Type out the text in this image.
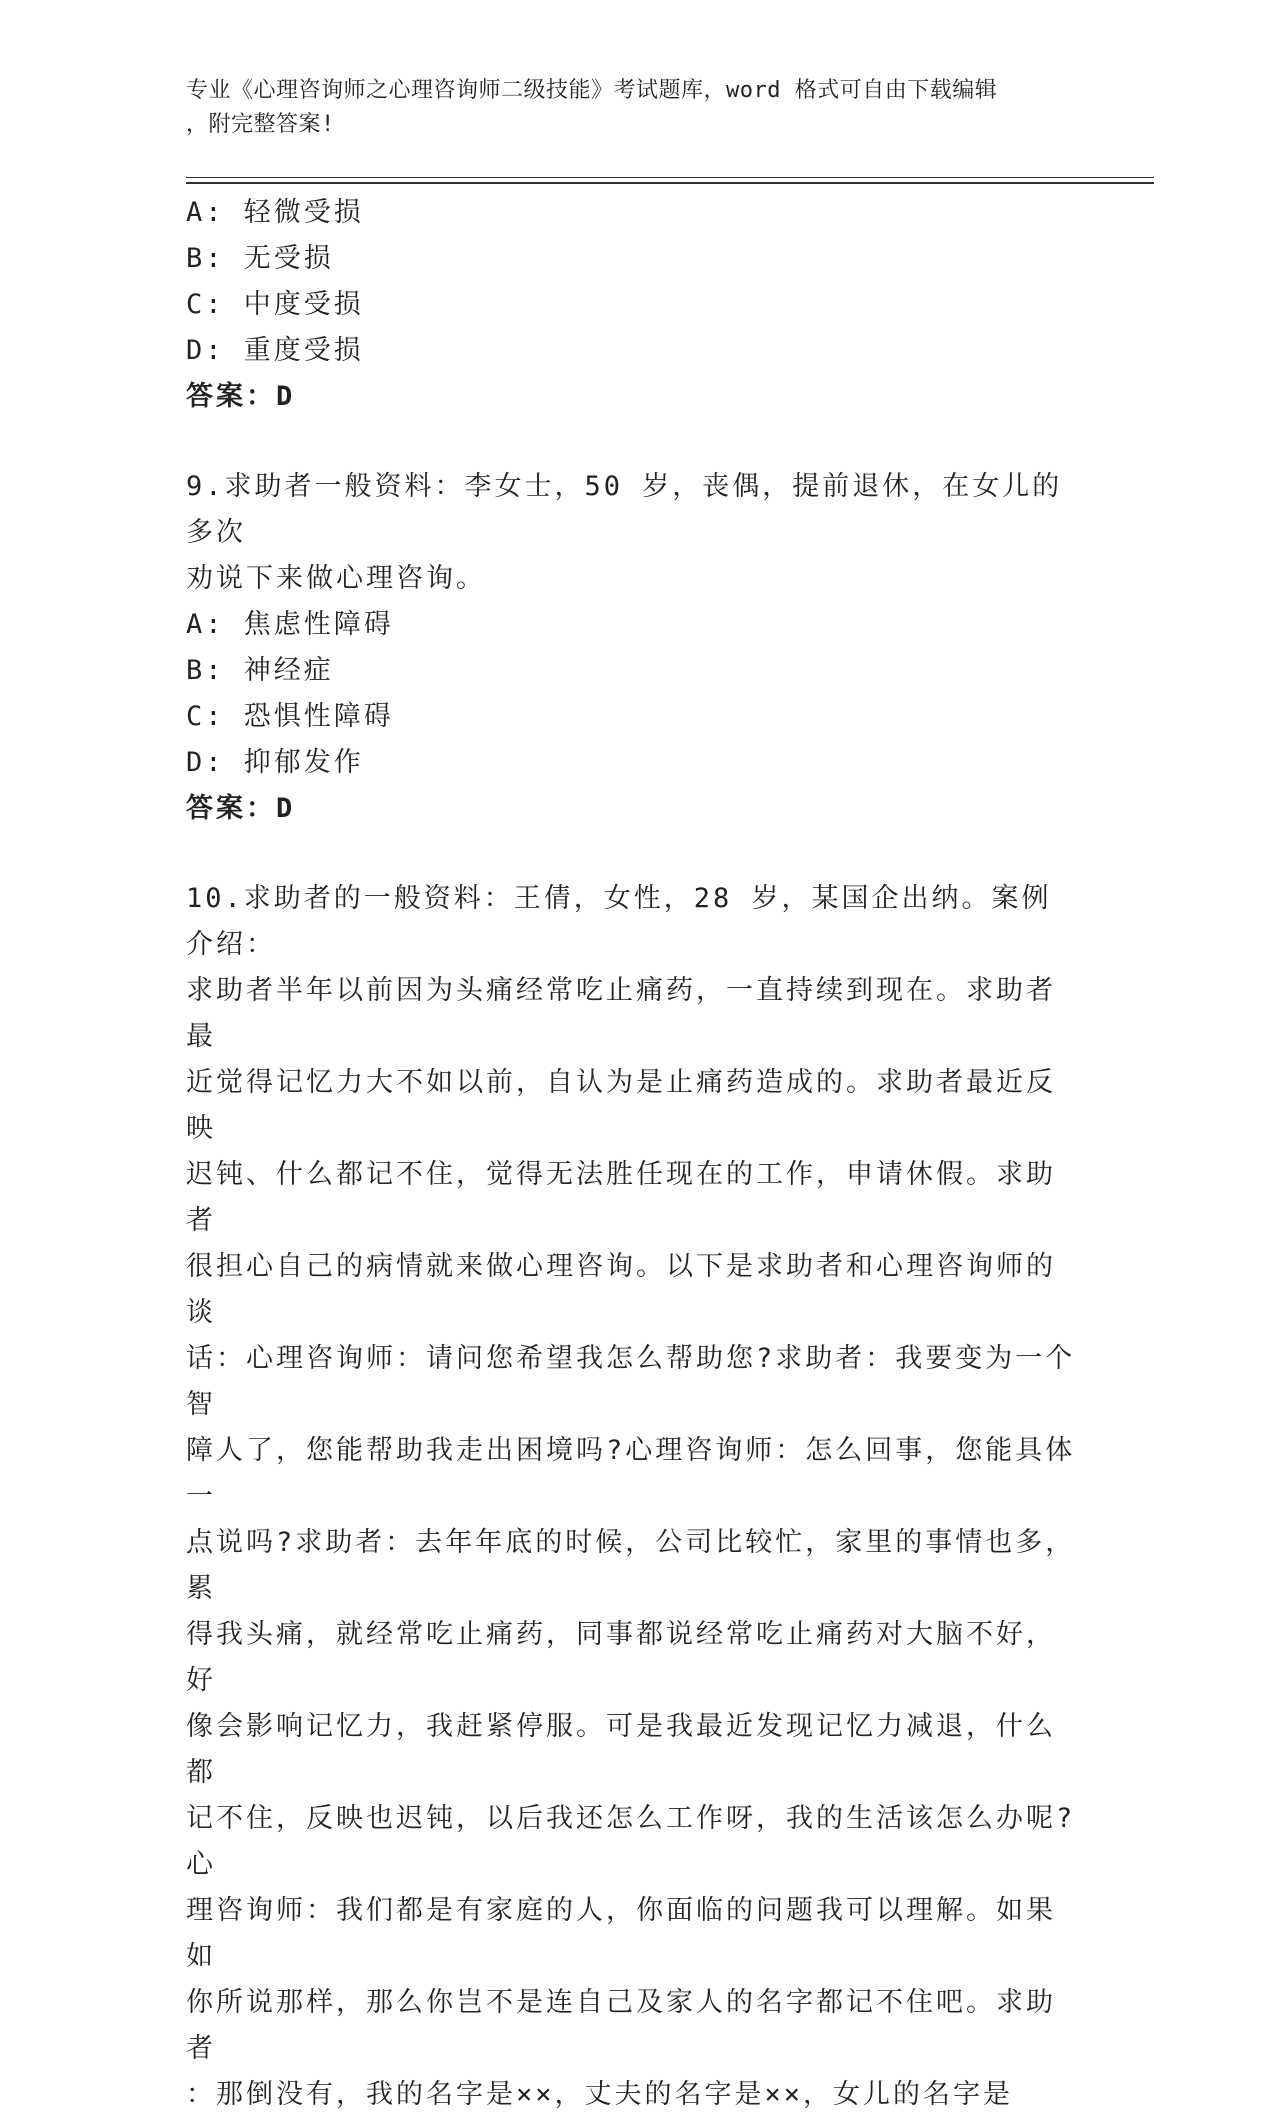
专业《心理咨询师之心理咨询师二级技能》考试题库，word 格式可自由下载编辑
，附完整答案!
A: 轻微受损
B: 无受损
C: 中度受损
D: 重度受损
答案：D
9.求助者一般资料：李女士，50 岁，丧偶，提前退休，在女儿的多次
劝说下来做心理咨询。
A: 焦虑性障碍
B: 神经症
C: 恐惧性障碍
D: 抑郁发作
答案：D
10.求助者的一般资料：王倩，女性，28 岁，某国企出纳。案例介绍：
求助者半年以前因为头痛经常吃止痛药，一直持续到现在。求助者最
近觉得记忆力大不如以前，自认为是止痛药造成的。求助者最近反映
迟钝、什么都记不住，觉得无法胜任现在的工作，申请休假。求助者
很担心自己的病情就来做心理咨询。以下是求助者和心理咨询师的谈
话：心理咨询师：请问您希望我怎么帮助您?求助者：我要变为一个智
障人了，您能帮助我走出困境吗?心理咨询师：怎么回事，您能具体一
点说吗?求助者：去年年底的时候，公司比较忙，家里的事情也多，累
得我头痛，就经常吃止痛药，同事都说经常吃止痛药对大脑不好，好
像会影响记忆力，我赶紧停服。可是我最近发现记忆力减退，什么都
记不住，反映也迟钝，以后我还怎么工作呀，我的生活该怎么办呢?心
理咨询师：我们都是有家庭的人，你面临的问题我可以理解。如果如
你所说那样，那么你岂不是连自己及家人的名字都记不住吧。求助者
：那倒没有，我的名字是××，丈夫的名字是××，女儿的名字是
